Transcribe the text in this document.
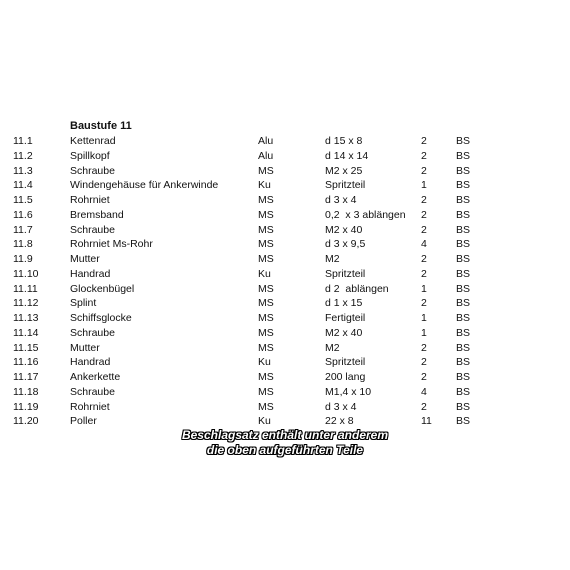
Baustufe 11
11.1	Kettenrad	Alu	d 15 x 8	2	BS
11.2	Spillkopf	Alu	d 14 x 14	2	BS
11.3	Schraube	MS	M2 x 25	2	BS
11.4	Windengehäuse für Ankerwinde	Ku	Spritzteil	1	BS
11.5	Rohrniet	MS	d 3 x 4	2	BS
11.6	Bremsband	MS	0,2  x 3 ablängen 2	BS
11.7	Schraube	MS	M2 x 40	2	BS
11.8	Rohrniet Ms-Rohr	MS	d 3 x 9,5	4	BS
11.9	Mutter	MS	M2	2	BS
11.10	Handrad	Ku	Spritzteil	2	BS
11.11	Glockenbügel	MS	d 2  ablängen	1	BS
11.12	Splint	MS	d 1 x 15	2	BS
11.13	Schiffsglocke	MS	Fertigteil	1	BS
11.14	Schraube	MS	M2 x 40	1	BS
11.15	Mutter	MS	M2	2	BS
11.16	Handrad	Ku	Spritzteil	2	BS
11.17	Ankerkette	MS	200 lang	2	BS
11.18	Schraube	MS	M1,4 x 10	4	BS
11.19	Rohrniet	MS	d 3 x 4	2	BS
11.20	Poller	Ku	22 x 8	11 BS
Beschlagsatz enthält unter anderem
die oben aufgeführten Teile
